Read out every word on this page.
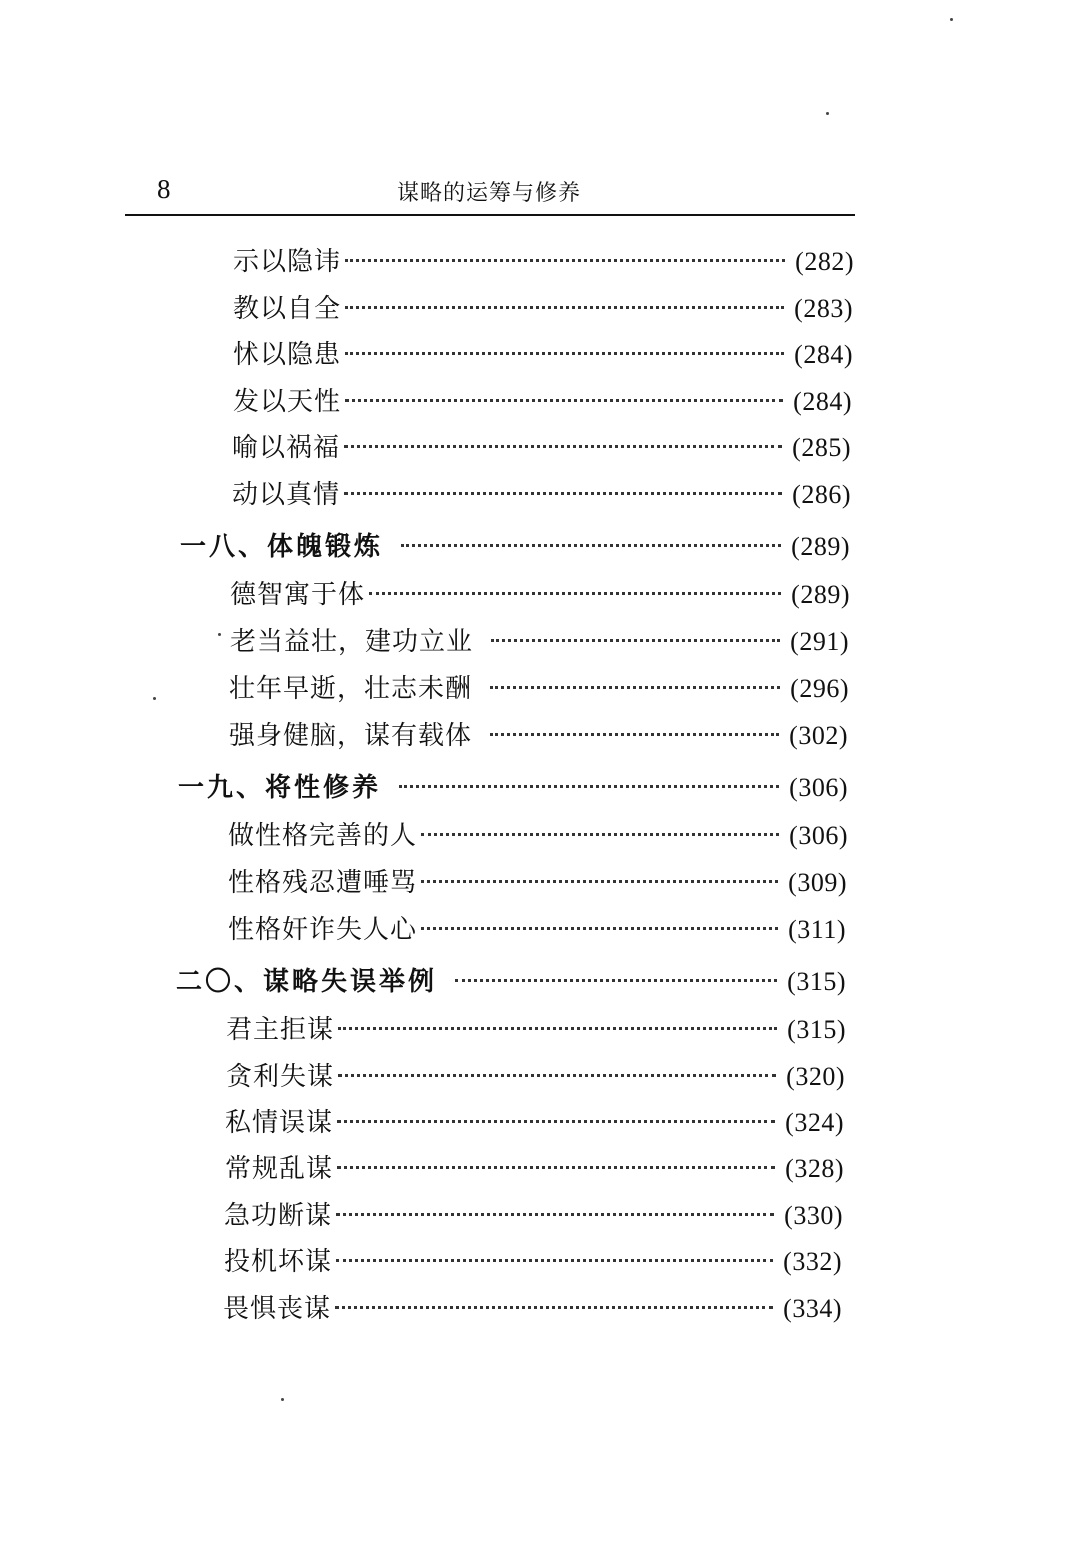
8	谋略的运筹与修养
示以隐讳	(282)
教以自全	(283)
怵以隐患	(284)
发以天性	(284)
喻以祸福	(285)
动以真情	(286)
一八、体魄锻炼	(289)
德智寓于体	(289)
老当益壮，建功立业	(291)
壮年早逝，壮志未酬	(296)
强身健脑，谋有载体	(302)
一九、将性修养	(306)
做性格完善的人	(306)
性格残忍遭唾骂	(309)
性格奸诈失人心	(311)
二〇、谋略失误举例	(315)
君主拒谋	(315)
贪利失谋	(320)
私情误谋	(324)
常规乱谋	(328)
急功断谋	(330)
投机坏谋	(332)
畏惧丧谋	(334)
